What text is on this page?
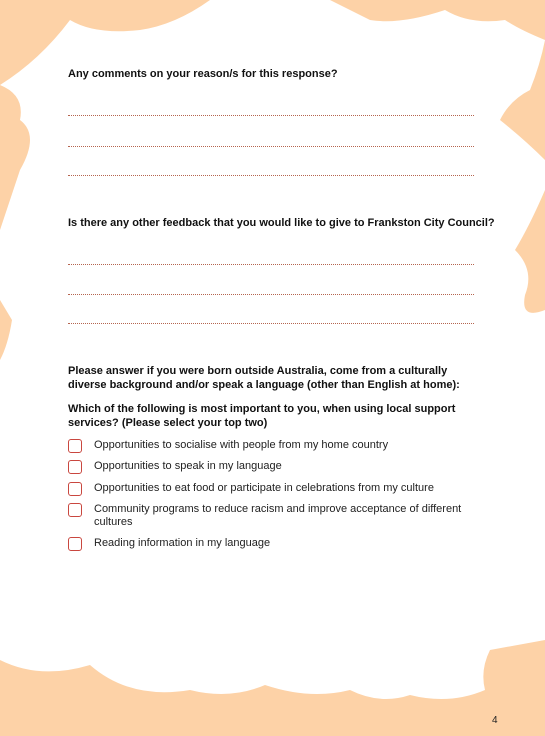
Any comments on your reason/s for this response?
Is there any other feedback that you would like to give to Frankston City Council?
Please answer if you were born outside Australia, come from a culturally diverse background and/or speak a language (other than English at home):
Which of the following is most important to you, when using local support services? (Please select your top two)
Opportunities to socialise with people from my home country
Opportunities to speak in my language
Opportunities to eat food or participate in celebrations from my culture
Community programs to reduce racism and improve acceptance of different cultures
Reading information in my language
4
